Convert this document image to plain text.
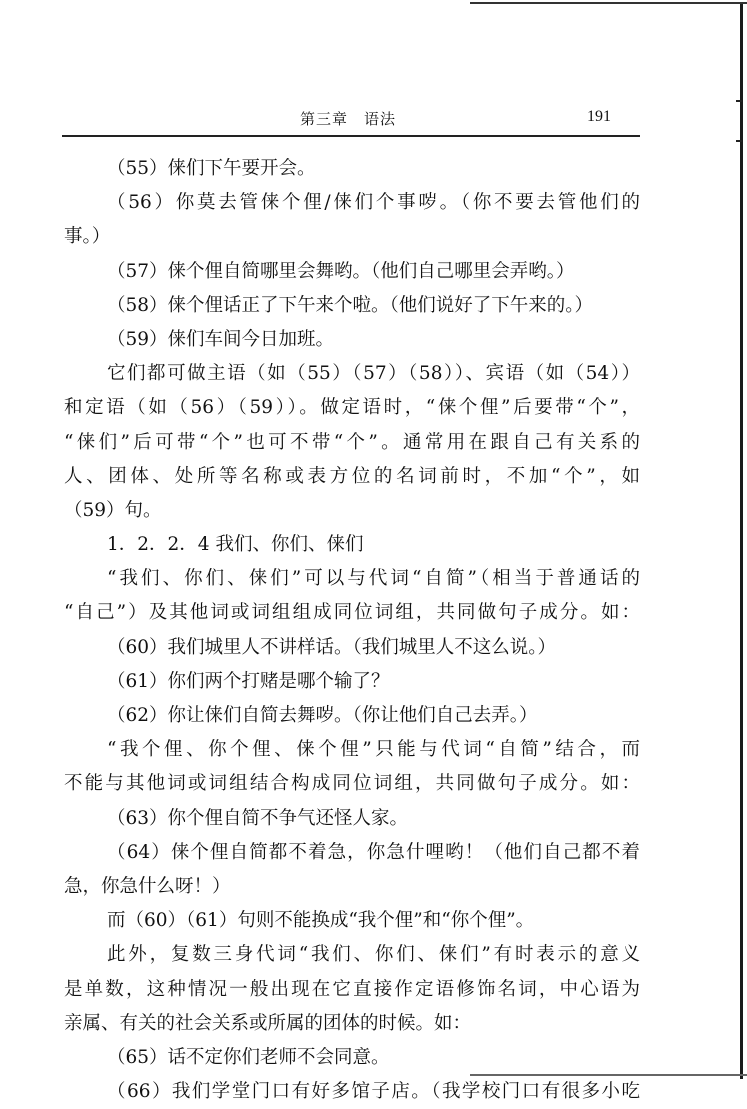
第三章　语法	191
（55）俫们下午要开会。
（56）你莫去管俫个俚/俫们个事哕。（你不要去管他们的
事。）
（57）俫个俚自简哪里会舞哟。（他们自己哪里会弄哟。）
（58）俫个俚话正了下午来个啦。（他们说好了下午来的。）
（59）俫们车间今日加班。
它们都可做主语（如（55）（57）（58））、宾语（如（54））
和定语（如（56）（59））。做定语时，“俫个俚”后要带“个”，
“俫们”后可带“个”也可不带“个”。通常用在跟自己有关系的
人、团体、处所等名称或表方位的名词前时，不加“个”，如
（59）句。
1．2．2．4 我们、你们、俫们
“我们、你们、俫们”可以与代词“自简”（相当于普通话的
“自己”）及其他词或词组组成同位词组，共同做句子成分。如：
（60）我们城里人不讲样话。（我们城里人不这么说。）
（61）你们两个打赌是哪个输了？
（62）你让俫们自简去舞哕。（你让他们自己去弄。）
“我个俚、你个俚、俫个俚”只能与代词“自简”结合，而
不能与其他词或词组结合构成同位词组，共同做句子成分。如：
（63）你个俚自简不争气还怪人家。
（64）俫个俚自简都不着急，你急什哩哟！（他们自己都不着
急，你急什么呀！）
而（60）（61）句则不能换成“我个俚”和“你个俚”。
此外，复数三身代词“我们、你们、俫们”有时表示的意义
是单数，这种情况一般出现在它直接作定语修饰名词，中心语为
亲属、有关的社会关系或所属的团体的时候。如：
（65）话不定你们老师不会同意。
（66）我们学堂门口有好多馆子店。（我学校门口有很多小吃
